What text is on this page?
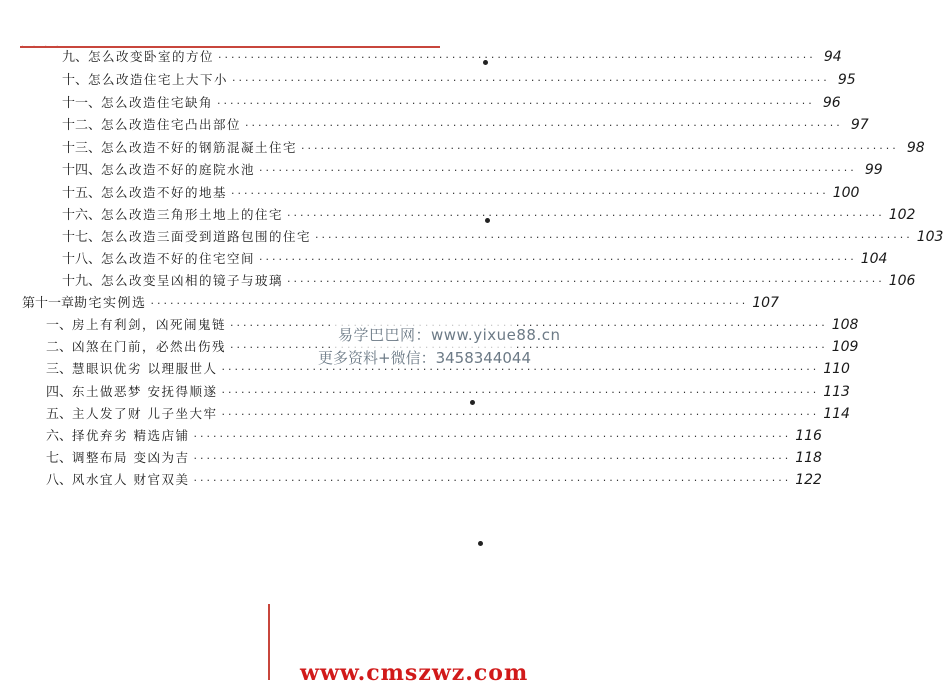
九、 怎么改变卧室的方位 ·····	94
十、 怎么改造住宅上大下小 ·····	95
十一、 怎么改造住宅缺角 ·····	96
十二、 怎么改造住宅凸出部位 ·····	97
十三、 怎么改造不好的钢筋混凝土住宅 ·····	98
十四、 怎么改造不好的庭院水池 ·····	99
十五、 怎么改造不好的地基 ·····	100
十六、 怎么改造三角形土地上的住宅 ·····	102
十七、 怎么改造三面受到道路包围的住宅 ·····	103
十八、 怎么改造不好的住宅空间 ·····	104
十九、 怎么改变呈凶相的镜子与玻璃 ·····	106
第十一章 勘宅实例选 ·····	107
一、 房上有利剑，凶死闹鬼链 ·····	108
二、 凶煞在门前，必然出伤残 ·····	109
三、 慧眼识优劣 以理服世人 ·····	110
四、 东土做恶梦 安抚得顺遂 ·····	113
五、 主人发了财 儿子坐大牢 ·····	114
六、 择优弃劣 精选店铺 ·····	116
七、 调整布局 变凶为吉 ·····	118
八、 风水宜人 财官双美 ·····	122
易学巴巴网：www.yixue88.cn
更多资料+微信：3458344044
www.cmszwz.com
